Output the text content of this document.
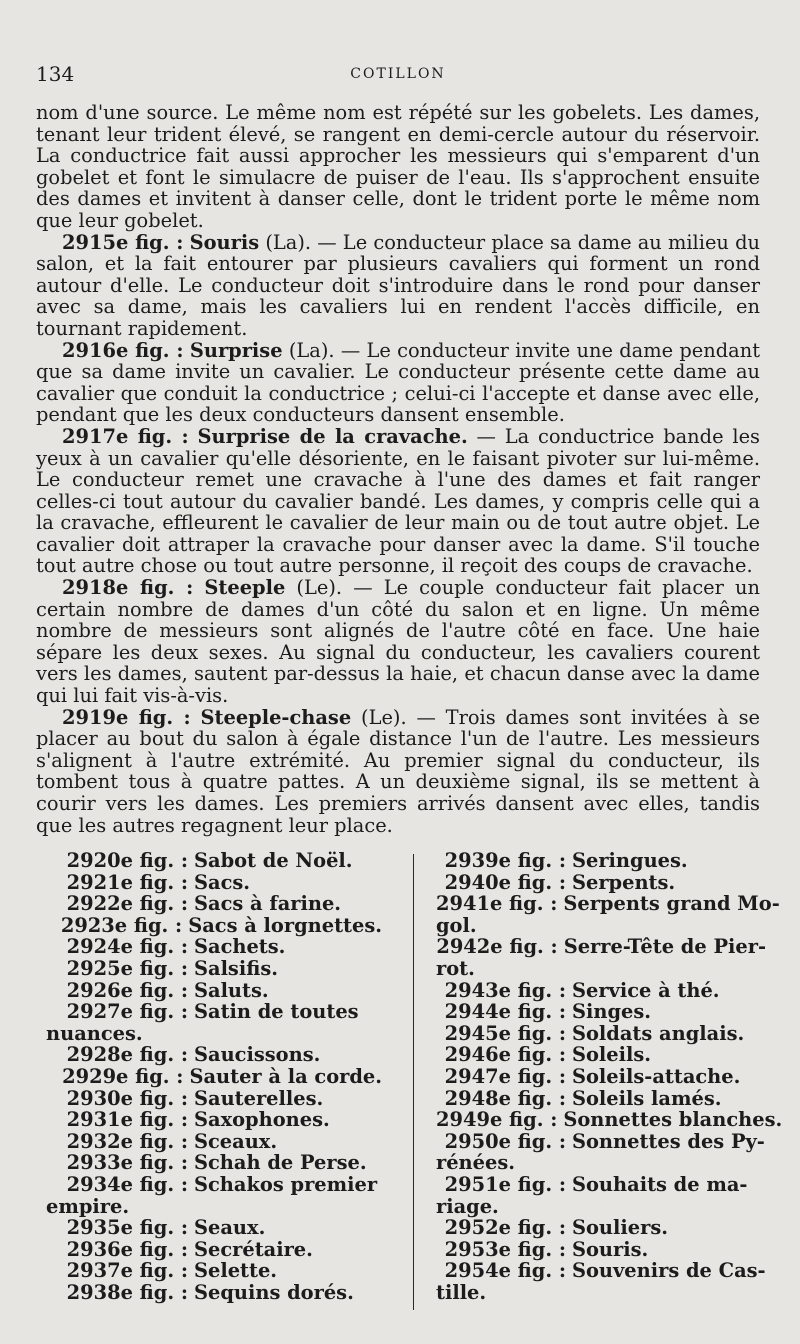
134	COTILLON

nom d'une source. Le même nom est répété sur les gobelets. Les dames, tenant leur trident élevé, se rangent en demi-cercle autour du réservoir. La conductrice fait aussi approcher les messieurs qui s'emparent d'un gobelet et font le simulacre de puiser de l'eau. Ils s'approchent ensuite des dames et invitent à danser celle, dont le trident porte le même nom que leur gobelet.

2915e fig. : Souris (La). — Le conducteur place sa dame au milieu du salon, et la fait entourer par plusieurs cavaliers qui forment un rond autour d'elle. Le conducteur doit s'introduire dans le rond pour danser avec sa dame, mais les cavaliers lui en rendent l'accès difficile, en tournant rapidement.

2916e fig. : Surprise (La). — Le conducteur invite une dame pendant que sa dame invite un cavalier. Le conducteur présente cette dame au cavalier que conduit la conductrice ; celui-ci l'accepte et danse avec elle, pendant que les deux conducteurs dansent ensemble.

2917e fig. : Surprise de la cravache. — La conductrice bande les yeux à un cavalier qu'elle désoriente, en le faisant pivoter sur lui-même. Le conducteur remet une cravache à l'une des dames et fait ranger celles-ci tout autour du cavalier bandé. Les dames, y compris celle qui a la cravache, effleurent le cavalier de leur main ou de tout autre objet. Le cavalier doit attraper la cravache pour danser avec la dame. S'il touche tout autre chose ou tout autre personne, il reçoit des coups de cravache.

2918e fig. : Steeple (Le). — Le couple conducteur fait placer un certain nombre de dames d'un côté du salon et en ligne. Un même nombre de messieurs sont alignés de l'autre côté en face. Une haie sépare les deux sexes. Au signal du conducteur, les cavaliers courent vers les dames, sautent par-dessus la haie, et chacun danse avec la dame qui lui fait vis-à-vis.

2919e fig. : Steeple-chase (Le). — Trois dames sont invitées à se placer au bout du salon à égale distance l'un de l'autre. Les messieurs s'alignent à l'autre extrémité. Au premier signal du conducteur, ils tombent tous à quatre pattes. A un deuxième signal, ils se mettent à courir vers les dames. Les premiers arrivés dansent avec elles, tandis que les autres regagnent leur place.

2920e fig. : Sabot de Noël.
2921e fig. : Sacs.
2922e fig. : Sacs à farine.
2923e fig. : Sacs à lorgnettes.
2924e fig. : Sachets.
2925e fig. : Salsifis.
2926e fig. : Saluts.
2927e fig. : Satin de toutes
nuances.
2928e fig. : Saucissons.
2929e fig. : Sauter à la corde.
2930e fig. : Sauterelles.
2931e fig. : Saxophones.
2932e fig. : Sceaux.
2933e fig. : Schah de Perse.
2934e fig. : Schakos premier
empire.
2935e fig. : Seaux.
2936e fig. : Secrétaire.
2937e fig. : Selette.
2938e fig. : Sequins dorés.
2939e fig. : Seringues.
2940e fig. : Serpents.
2941e fig. : Serpents grand Mo-
gol.
2942e fig. : Serre-Tête de Pier-
rot.
2943e fig. : Service à thé.
2944e fig. : Singes.
2945e fig. : Soldats anglais.
2946e fig. : Soleils.
2947e fig. : Soleils-attache.
2948e fig. : Soleils lamés.
2949e fig. : Sonnettes blanches.
2950e fig. : Sonnettes des Py-
rénées.
2951e fig. : Souhaits de ma-
riage.
2952e fig. : Souliers.
2953e fig. : Souris.
2954e fig. : Souvenirs de Cas-
tille.
